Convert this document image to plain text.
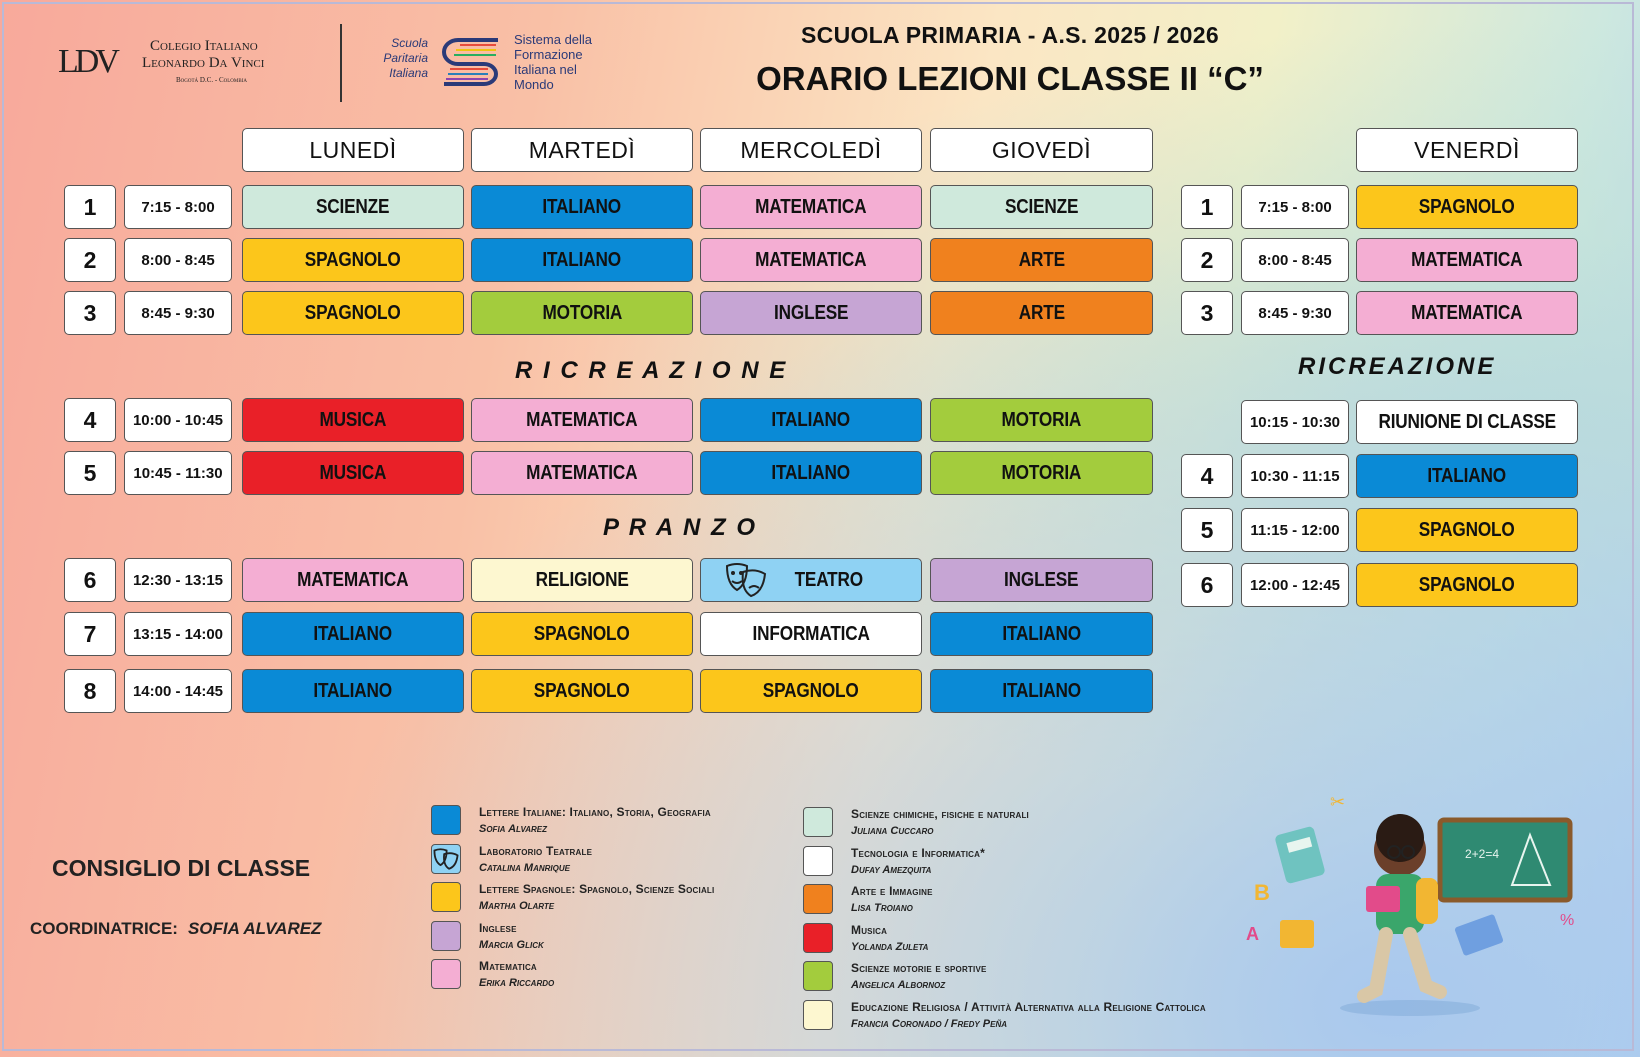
LDV Colegio Italiano
Leonardo Da Vinci
Bogotá D.C. - Colombia
Scuola
Paritaria
Italiana
Sistema della
Formazione
Italiana nel
Mondo
SCUOLA PRIMARIA - A.S. 2025 / 2026
ORARIO LEZIONI CLASSE II “C”
LUNEDÌ	MARTEDÌ	MERCOLEDÌ	GIOVEDÌ	VENERDÌ
1	7:15 - 8:00	SCIENZE	ITALIANO	MATEMATICA	SCIENZE
2	8:00 - 8:45	SPAGNOLO	ITALIANO	MATEMATICA	ARTE
3	8:45 - 9:30	SPAGNOLO	MOTORIA	INGLESE	ARTE
4	10:00 - 10:45	MUSICA	MATEMATICA	ITALIANO	MOTORIA
5	10:45 - 11:30	MUSICA	MATEMATICA	ITALIANO	MOTORIA
6	12:30 - 13:15	MATEMATICA	RELIGIONE	TEATRO	INGLESE
7	13:15 - 14:00	ITALIANO	SPAGNOLO	INFORMATICA	ITALIANO
8	14:00 - 14:45	ITALIANO	SPAGNOLO	SPAGNOLO	ITALIANO
R I C R E A Z I O N E
P R A N Z O
1	7:15 - 8:00	SPAGNOLO
2	8:00 - 8:45	MATEMATICA
3	8:45 - 9:30	MATEMATICA
10:15 - 10:30	RIUNIONE DI CLASSE
4	10:30 - 11:15	ITALIANO
5	11:15 - 12:00	SPAGNOLO
6	12:00 - 12:45	SPAGNOLO
RICREAZIONE
Lettere Italiane: Italiano, Storia, Geografia
Sofia Alvarez
Laboratorio Teatrale
Catalina Manrique
Lettere Spagnole: Spagnolo, Scienze Sociali
Martha Olarte
Inglese
Marcia Glick
Matematica
Erika Riccardo
Scienze chimiche, fisiche e naturali
Juliana Cuccaro
Tecnologia e Informatica*
Dufay Amezquita
Arte e Immagine
Lisa Troiano
Musica
Yolanda Zuleta
Scienze motorie e sportive
Angelica Albornoz
Educazione Religiosa / Attività Alternativa alla Religione Cattolica
Francia Coronado / Fredy Peña
CONSIGLIO DI CLASSE
COORDINATRICE: SOFIA ALVAREZ
2+2=4
B
A
✂
%
